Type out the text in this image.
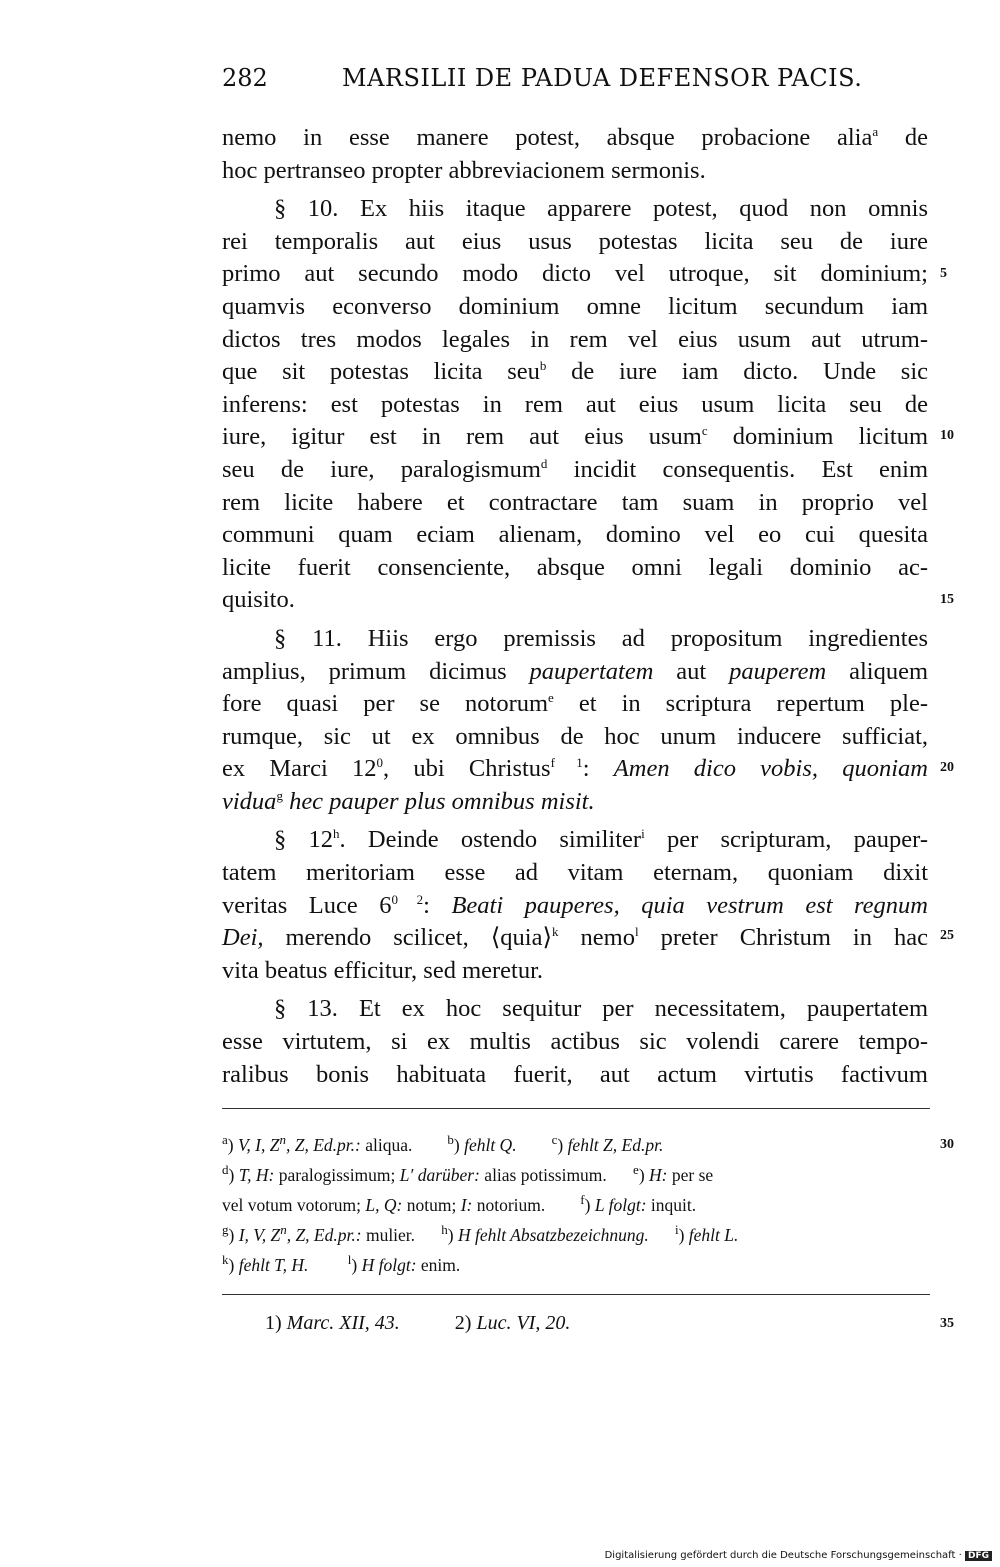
282	MARSILII DE PADUA DEFENSOR PACIS.
nemo in esse manere potest, absque probacione alia$^a$ de
hoc pertranseo propter abbreviacionem sermonis.
§ 10. Ex hiis itaque apparere potest, quod non omnis
rei temporalis aut eius usus potestas licita seu de iure
primo aut secundo modo dicto vel utroque, sit dominium;
quamvis econverso dominium omne licitum secundum iam
dictos tres modos legales in rem vel eius usum aut utrum-
que sit potestas licita seu$^b$ de iure iam dicto. Unde sic
inferens: est potestas in rem aut eius usum licita seu de
iure, igitur est in rem aut eius usum$^c$ dominium licitum
seu de iure, paralogismum$^d$ incidit consequentis. Est enim
rem licite habere et contractare tam suam in proprio vel
communi quam eciam alienam, domino vel eo cui quesita
licite fuerit consenciente, absque omni legali dominio ac-
quisito.
§ 11. Hiis ergo premissis ad propositum ingredientes
amplius, primum dicimus paupertatem aut pauperem aliquem
fore quasi per se notorum$^e$ et in scriptura repertum ple-
rumque, sic ut ex omnibus de hoc unum inducere sufficiat,
ex Marci $12^0$, ubi Christus$^{f 1}$: Amen dico vobis, quoniam
vidua$^g$ hec pauper plus omnibus misit.
§ 12$^h$. Deinde ostendo similiter$^i$ per scripturam, pauper-
tatem meritoriam esse ad vitam eternam, quoniam dixit
veritas Luce $6^{0 2}$: Beati pauperes, quia vestrum est regnum
Dei, merendo scilicet, ⟨quia⟩$^k$ nemo$^l$ preter Christum in hac
vita beatus efficitur, sed meretur.
§ 13. Et ex hoc sequitur per necessitatem, paupertatem
esse virtutem, si ex multis actibus sic volendi carere tempo-
ralibus bonis habituata fuerit, aut actum virtutis factivum
5
10
15
20
25
30
35
$^a$) V, I, $Z^n$, Z, Ed.pr.: aliqua.        $^b$) fehlt Q.	$^c$) fehlt Z, Ed.pr.
$^d$) T, H: paralogissimum; L′ darüber: alias potissimum.      $^e$) H: per se
vel votum votorum; L, Q: notum; I: notorium.        $^f$) L folgt: inquit.
$^g$) I, V, $Z^n$, Z, Ed.pr.: mulier.      $^h$) H fehlt Absatzbezeichnung. $^i$) fehlt L.
$^k$) fehlt T, H.	$^l$) H folgt: enim.
1) Marc. XII, 43.	2) Luc. VI, 20.
Digitalisierung gefördert durch die Deutsche Forschungsgemeinschaft · DFG
